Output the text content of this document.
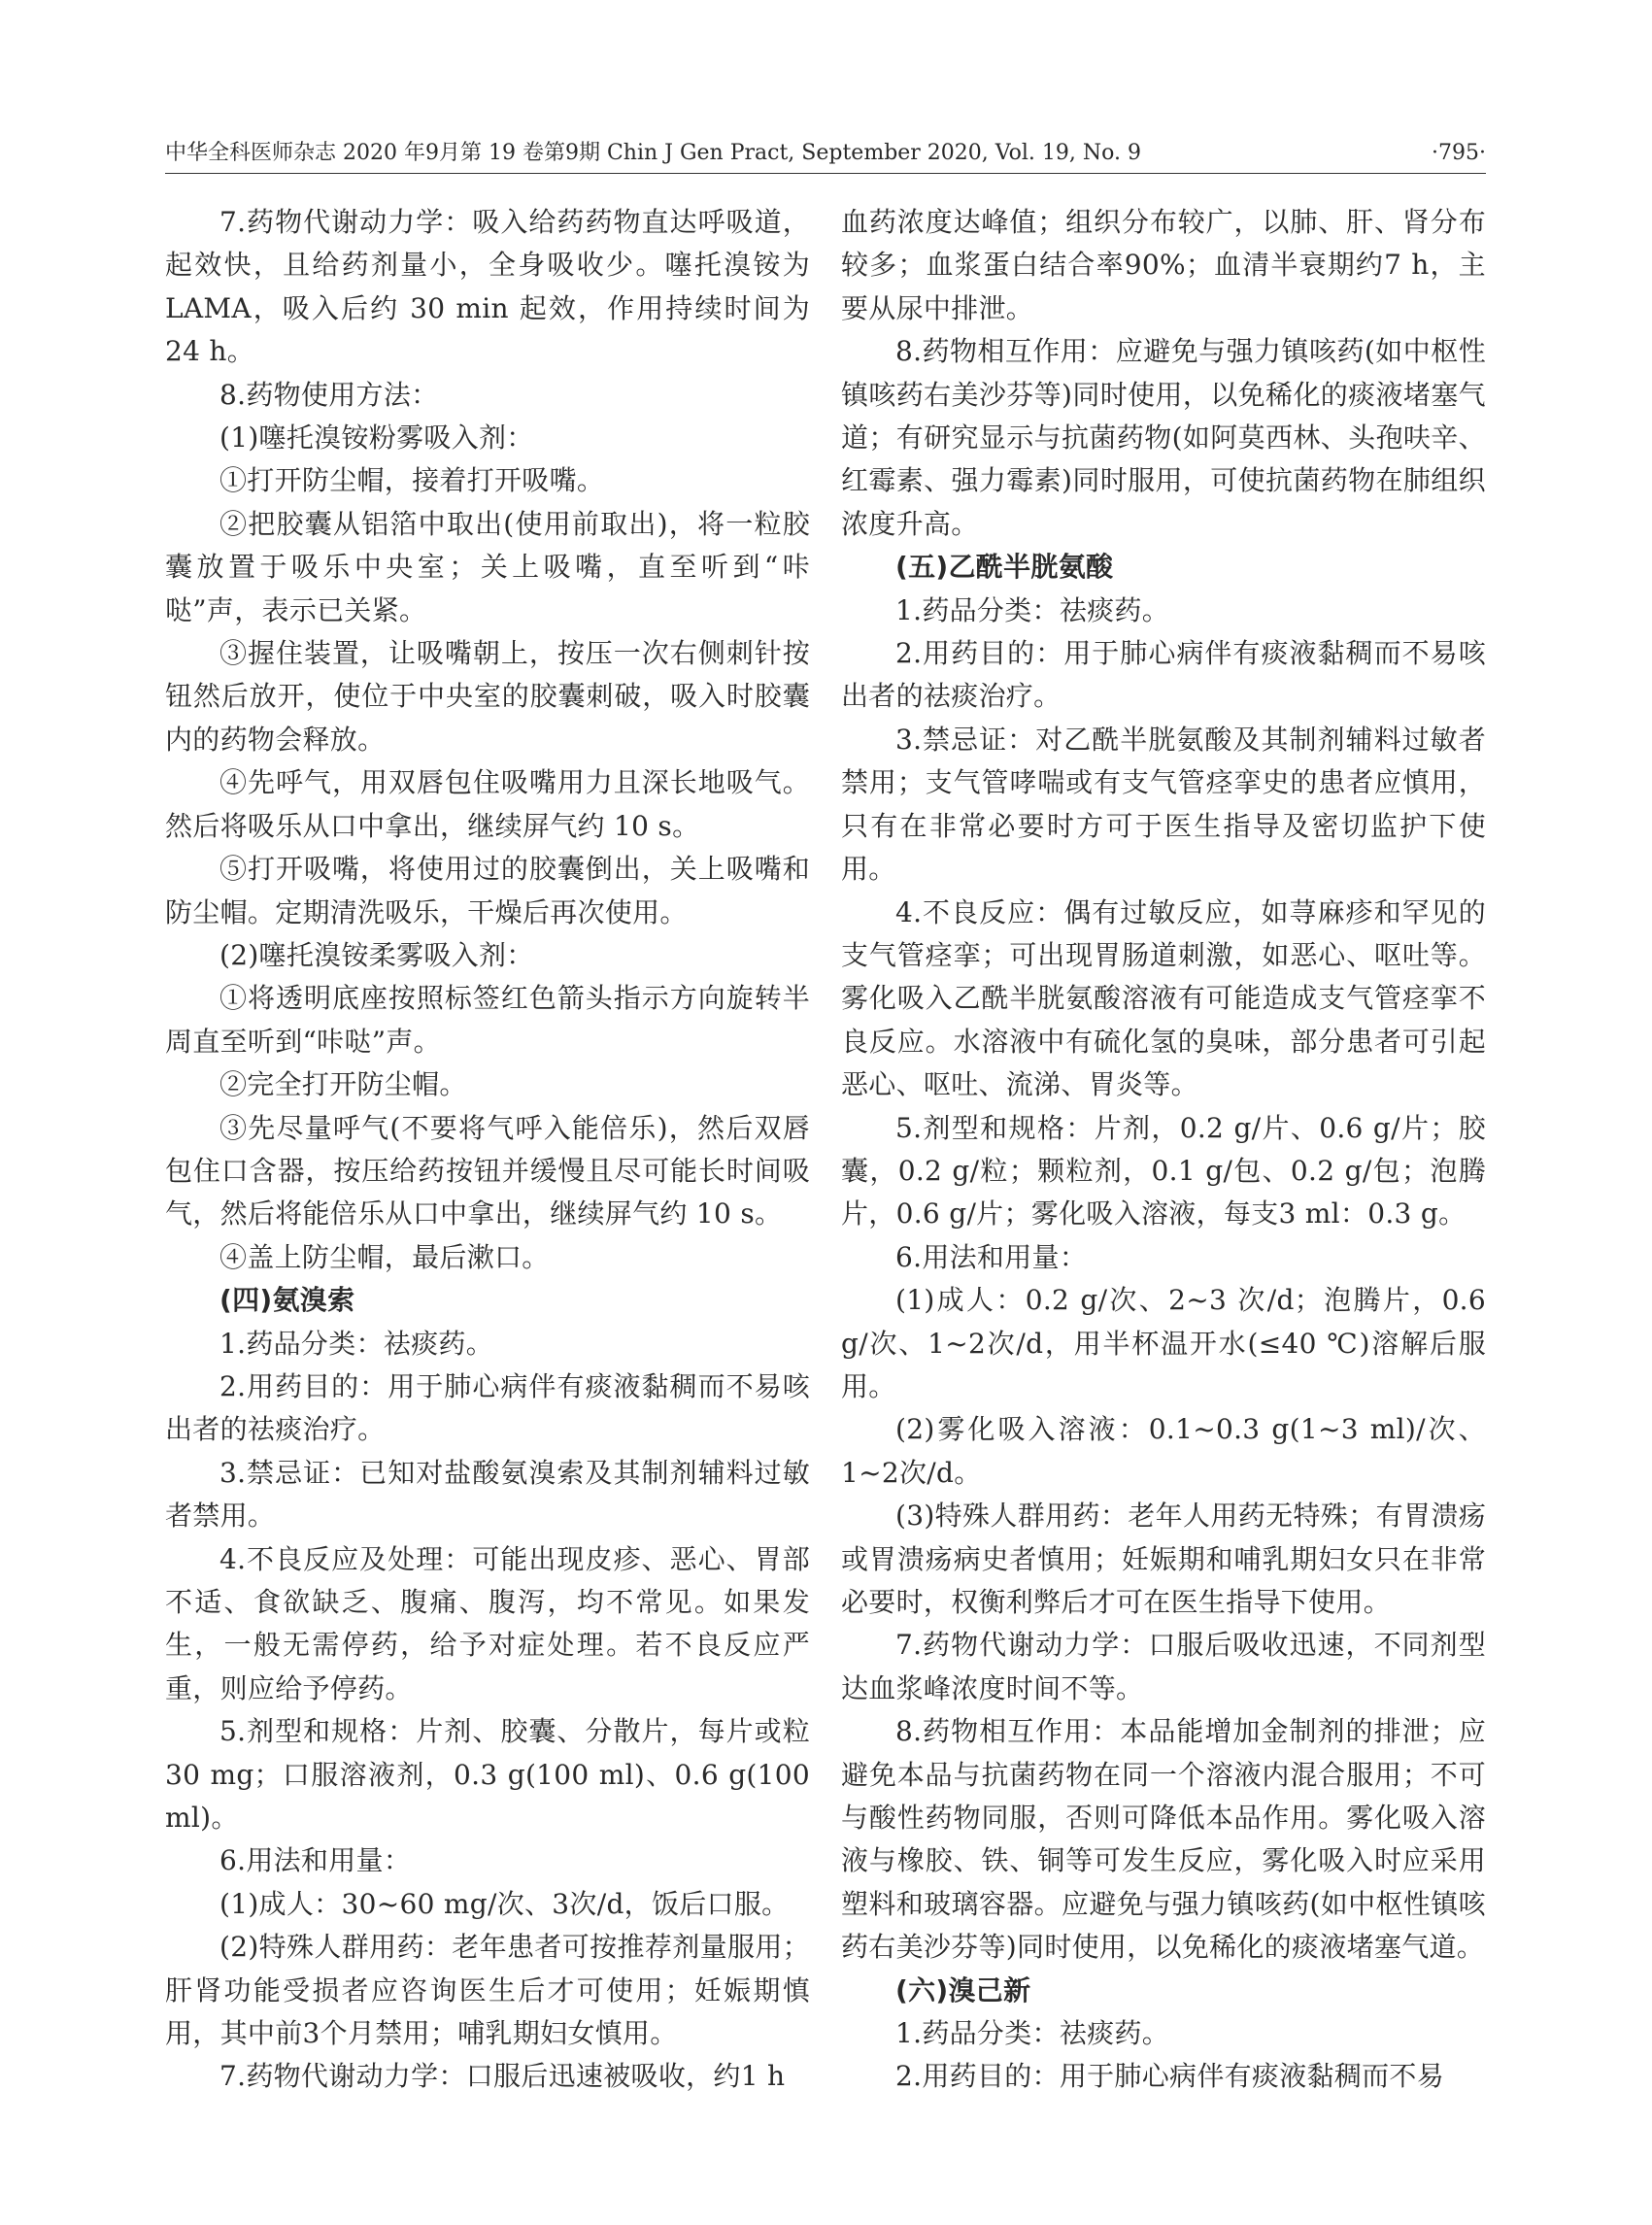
中华全科医师杂志 2020 年9月第 19 卷第9期 Chin J Gen Pract, September 2020, Vol. 19, No. 9	·795·

7.药物代谢动力学：吸入给药药物直达呼吸道，起效快，且给药剂量小，全身吸收少。噻托溴铵为LAMA，吸入后约 30 min 起效，作用持续时间为24 h。

8.药物使用方法：

(1)噻托溴铵粉雾吸入剂：

①打开防尘帽，接着打开吸嘴。

②把胶囊从铝箔中取出(使用前取出)，将一粒胶囊放置于吸乐中央室；关上吸嘴，直至听到“咔哒”声，表示已关紧。

③握住装置，让吸嘴朝上，按压一次右侧刺针按钮然后放开，使位于中央室的胶囊刺破，吸入时胶囊内的药物会释放。

④先呼气，用双唇包住吸嘴用力且深长地吸气。然后将吸乐从口中拿出，继续屏气约 10 s。

⑤打开吸嘴，将使用过的胶囊倒出，关上吸嘴和防尘帽。定期清洗吸乐，干燥后再次使用。

(2)噻托溴铵柔雾吸入剂：

①将透明底座按照标签红色箭头指示方向旋转半周直至听到“咔哒”声。

②完全打开防尘帽。

③先尽量呼气(不要将气呼入能倍乐)，然后双唇包住口含器，按压给药按钮并缓慢且尽可能长时间吸气，然后将能倍乐从口中拿出，继续屏气约 10 s。

④盖上防尘帽，最后漱口。

(四)氨溴索

1.药品分类：祛痰药。

2.用药目的：用于肺心病伴有痰液黏稠而不易咳出者的祛痰治疗。

3.禁忌证：已知对盐酸氨溴索及其制剂辅料过敏者禁用。

4.不良反应及处理：可能出现皮疹、恶心、胃部不适、食欲缺乏、腹痛、腹泻，均不常见。如果发生，一般无需停药，给予对症处理。若不良反应严重，则应给予停药。

5.剂型和规格：片剂、胶囊、分散片，每片或粒 30 mg；口服溶液剂，0.3 g(100 ml)、0.6 g(100 ml)。

6.用法和用量：

(1)成人：30~60 mg/次、3次/d，饭后口服。

(2)特殊人群用药：老年患者可按推荐剂量服用；肝肾功能受损者应咨询医生后才可使用；妊娠期慎用，其中前3个月禁用；哺乳期妇女慎用。

7.药物代谢动力学：口服后迅速被吸收，约1 h

血药浓度达峰值；组织分布较广，以肺、肝、肾分布较多；血浆蛋白结合率90%；血清半衰期约7 h，主要从尿中排泄。

8.药物相互作用：应避免与强力镇咳药(如中枢性镇咳药右美沙芬等)同时使用，以免稀化的痰液堵塞气道；有研究显示与抗菌药物(如阿莫西林、头孢呋辛、红霉素、强力霉素)同时服用，可使抗菌药物在肺组织浓度升高。

(五)乙酰半胱氨酸

1.药品分类：祛痰药。

2.用药目的：用于肺心病伴有痰液黏稠而不易咳出者的祛痰治疗。

3.禁忌证：对乙酰半胱氨酸及其制剂辅料过敏者禁用；支气管哮喘或有支气管痉挛史的患者应慎用，只有在非常必要时方可于医生指导及密切监护下使用。

4.不良反应：偶有过敏反应，如荨麻疹和罕见的支气管痉挛；可出现胃肠道刺激，如恶心、呕吐等。雾化吸入乙酰半胱氨酸溶液有可能造成支气管痉挛不良反应。水溶液中有硫化氢的臭味，部分患者可引起恶心、呕吐、流涕、胃炎等。

5.剂型和规格：片剂，0.2 g/片、0.6 g/片；胶囊，0.2 g/粒；颗粒剂，0.1 g/包、0.2 g/包；泡腾片，0.6 g/片；雾化吸入溶液，每支3 ml：0.3 g。

6.用法和用量：

(1)成人：0.2 g/次、2~3 次/d；泡腾片，0.6 g/次、1~2次/d，用半杯温开水(≤40 ℃)溶解后服用。

(2)雾化吸入溶液：0.1~0.3 g(1~3 ml)/次、1~2次/d。

(3)特殊人群用药：老年人用药无特殊；有胃溃疡或胃溃疡病史者慎用；妊娠期和哺乳期妇女只在非常必要时，权衡利弊后才可在医生指导下使用。

7.药物代谢动力学：口服后吸收迅速，不同剂型达血浆峰浓度时间不等。

8.药物相互作用：本品能增加金制剂的排泄；应避免本品与抗菌药物在同一个溶液内混合服用；不可与酸性药物同服，否则可降低本品作用。雾化吸入溶液与橡胶、铁、铜等可发生反应，雾化吸入时应采用塑料和玻璃容器。应避免与强力镇咳药(如中枢性镇咳药右美沙芬等)同时使用，以免稀化的痰液堵塞气道。

(六)溴己新

1.药品分类：祛痰药。

2.用药目的：用于肺心病伴有痰液黏稠而不易
